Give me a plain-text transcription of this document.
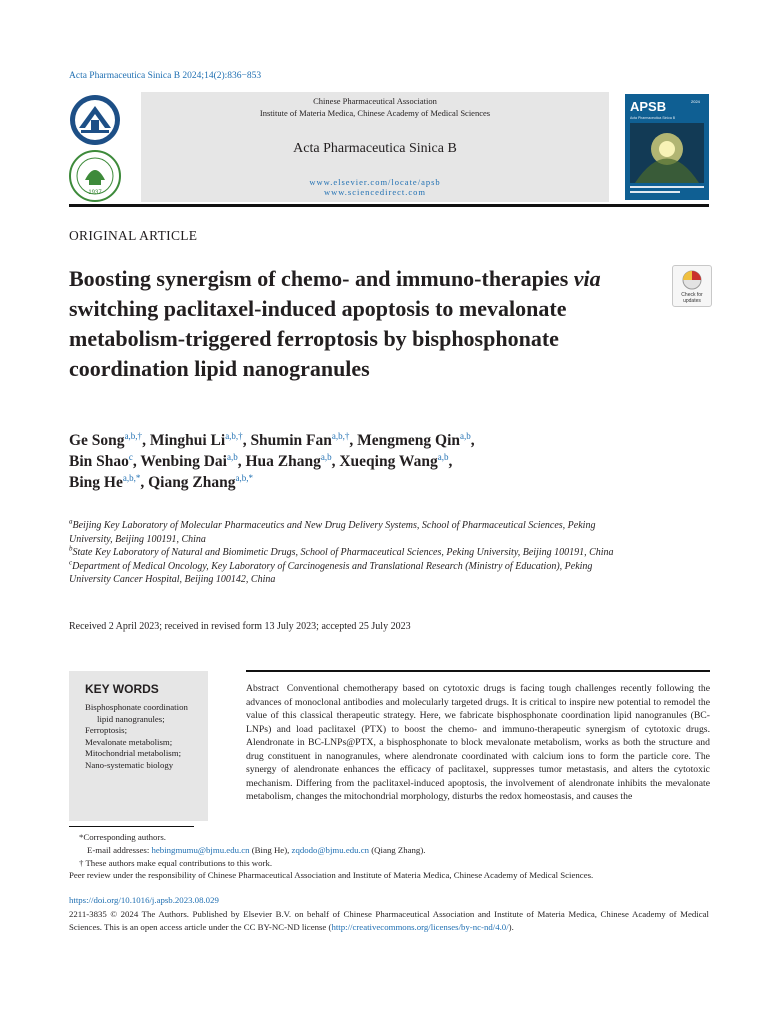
Acta Pharmaceutica Sinica B 2024;14(2):836−853
1937
Chinese Pharmaceutical Association
Institute of Materia Medica, Chinese Academy of Medical Sciences
Acta Pharmaceutica Sinica B
www.elsevier.com/locate/apsb
www.sciencedirect.com
APSB
Acta Pharmaceutica Sinica B
2024
ORIGINAL ARTICLE
Boosting synergism of chemo- and immuno-therapies via switching paclitaxel-induced apoptosis to mevalonate metabolism-triggered ferroptosis by bisphosphonate coordination lipid nanogranules
Check for
updates
Ge Song$^{a,b,\dagger}$, Minghui $Li^{a,b,\dagger}$, Shumin Fan$^{a,b,\dagger}$, Mengmeng Qin$^{a,b}$,
Bin Shao$^c$, Wenbing Dai$^{a,b}$, Hua Zhang$^{a,b}$, Xueqing Wang$^{a,b}$,
Bing $He^{a,b,*}$, Qiang Zhang$^{a,b,*}$

$^a$Beijing Key Laboratory of Molecular Pharmaceutics and New Drug Delivery Systems, School of Pharmaceutical Sciences, Peking University, Beijing 100191, China

$^b$State Key Laboratory of Natural and Biomimetic Drugs, School of Pharmaceutical Sciences, Peking University, Beijing 100191, China

$^c$Department of Medical Oncology, Key Laboratory of Carcinogenesis and Translational Research (Ministry of Education), Peking University Cancer Hospital, Beijing 100142, China

Received 2 April 2023; received in revised form 13 July 2023; accepted 25 July 2023
KEY WORDS
Bisphosphonate coordination lipid nanogranules;
Ferroptosis;
Mevalonate metabolism;
Mitochondrial metabolism;
Nano-systematic biology
Abstract Conventional chemotherapy based on cytotoxic drugs is facing tough challenges recently following the advances of monoclonal antibodies and molecularly targeted drugs. It is critical to inspire new potential to remodel the value of this classical therapeutic strategy. Here, we fabricate bisphosphonate coordination lipid nanogranules (BC-LNPs) and load paclitaxel (PTX) to boost the chemo- and immuno-therapeutic synergism of cytotoxic drugs. Alendronate in BC-LNPs@PTX, a bisphosphonate to block mevalonate metabolism, works as both the structure and drug constituent in nanogranules, where alendronate coordinated with calcium ions to form the particle core. The synergy of alendronate enhances the efficacy of paclitaxel, suppresses tumor metastasis, and alters the cytotoxic mechanism. Differing from the paclitaxel-induced apoptosis, the involvement of alendronate inhibits the mevalonate metabolism, changes the mitochondrial morphology, disturbs the redox homeostasis, and causes the

*Corresponding authors.

E-mail addresses: hebingmumu@bjmu.edu.cn (Bing He), zqdodo@bjmu.edu.cn (Qiang Zhang).

† These authors make equal contributions to this work.

Peer review under the responsibility of Chinese Pharmaceutical Association and Institute of Materia Medica, Chinese Academy of Medical Sciences.

https://doi.org/10.1016/j.apsb.2023.08.029
2211-3835 © 2024 The Authors. Published by Elsevier B.V. on behalf of Chinese Pharmaceutical Association and Institute of Materia Medica, Chinese Academy of Medical Sciences. This is an open access article under the CC BY-NC-ND license (http://creativecommons.org/licenses/by-nc-nd/4.0/).
